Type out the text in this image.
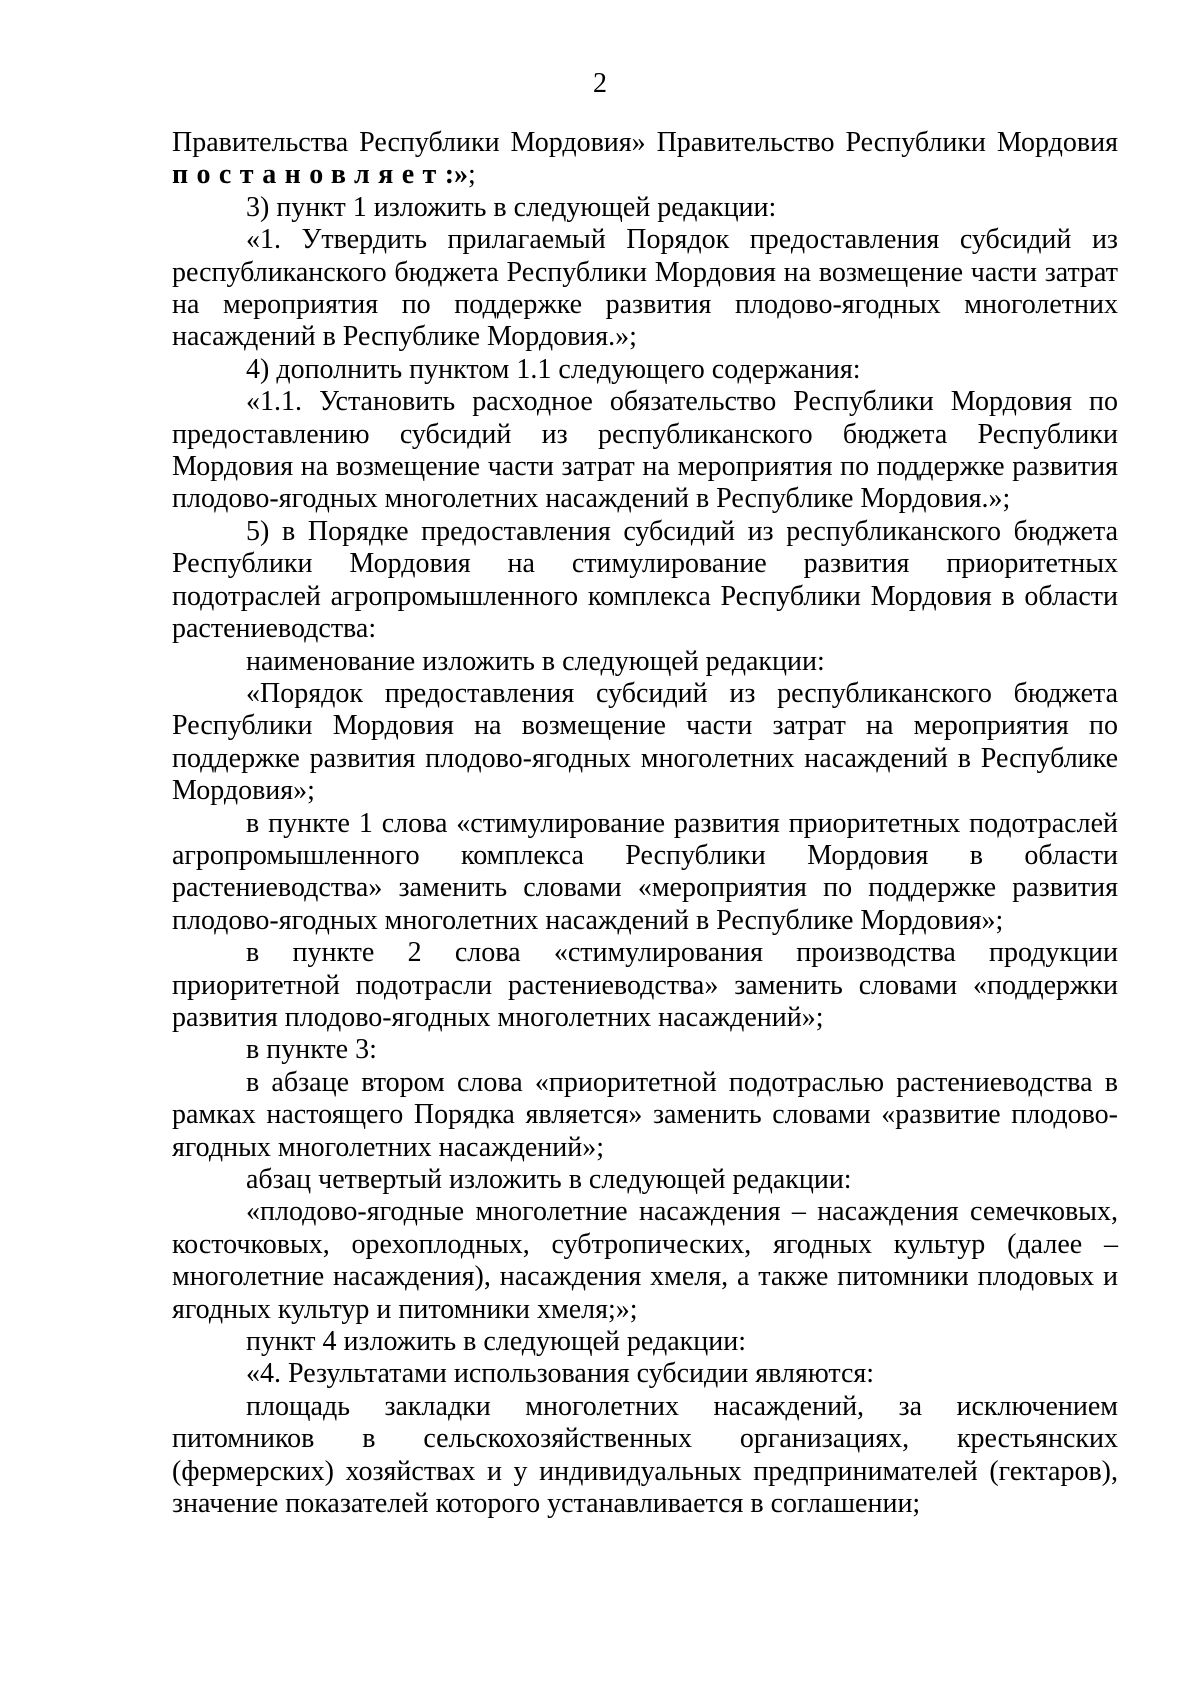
2

Правительства Республики Мордовия» Правительство Республики Мордовия постановляет:»;

3) пункт 1 изложить в следующей редакции:

«1. Утвердить прилагаемый Порядок предоставления субсидий из республиканского бюджета Республики Мордовия на возмещение части затрат на мероприятия по поддержке развития плодово-ягодных многолетних насаждений в Республике Мордовия.»;

4) дополнить пунктом 1.1 следующего содержания:

«1.1. Установить расходное обязательство Республики Мордовия по предоставлению субсидий из республиканского бюджета Республики Мордовия на возмещение части затрат на мероприятия по поддержке развития плодово-ягодных многолетних насаждений в Республике Мордовия.»;

5) в Порядке предоставления субсидий из республиканского бюджета Республики Мордовия на стимулирование развития приоритетных подотраслей агропромышленного комплекса Республики Мордовия в области растениеводства:

наименование изложить в следующей редакции:

«Порядок предоставления субсидий из республиканского бюджета Республики Мордовия на возмещение части затрат на мероприятия по поддержке развития плодово-ягодных многолетних насаждений в Республике Мордовия»;

в пункте 1 слова «стимулирование развития приоритетных подотраслей агропромышленного комплекса Республики Мордовия в области растениеводства» заменить словами «мероприятия по поддержке развития плодово-ягодных многолетних насаждений в Республике Мордовия»;

в пункте 2 слова «стимулирования производства продукции приоритетной подотрасли растениеводства» заменить словами «поддержки развития плодово-ягодных многолетних насаждений»;

в пункте 3:

в абзаце втором слова «приоритетной подотраслью растениеводства в рамках настоящего Порядка является» заменить словами «развитие плодово-ягодных многолетних насаждений»;

абзац четвертый изложить в следующей редакции:

«плодово-ягодные многолетние насаждения – насаждения семечковых, косточковых, орехоплодных, субтропических, ягодных культур (далее – многолетние насаждения), насаждения хмеля, а также питомники плодовых и ягодных культур и питомники хмеля;»;

пункт 4 изложить в следующей редакции:

«4. Результатами использования субсидии являются:

площадь закладки многолетних насаждений, за исключением питомников в сельскохозяйственных организациях, крестьянских (фермерских) хозяйствах и у индивидуальных предпринимателей (гектаров), значение показателей которого устанавливается в соглашении;
